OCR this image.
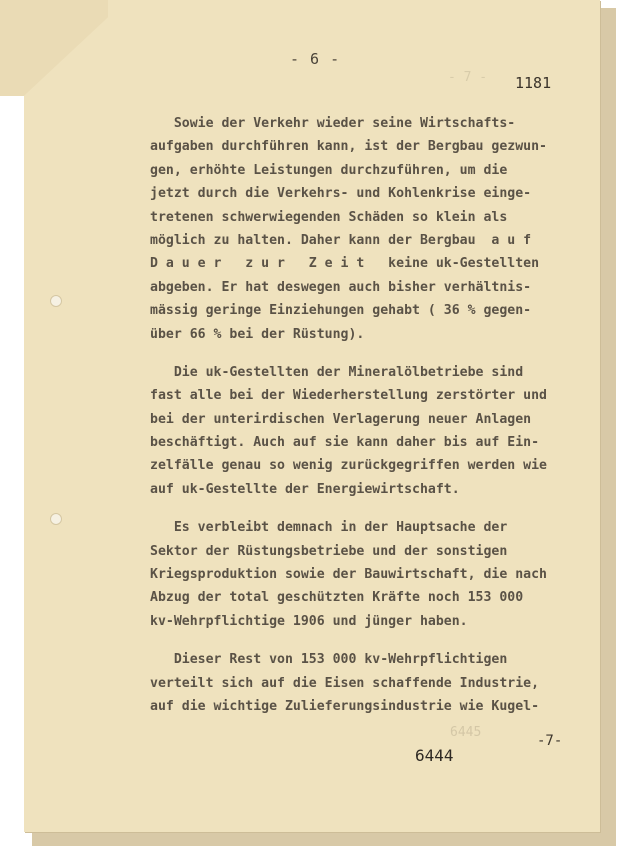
- 6 -
- 7 - 1181
Sowie der Verkehr wieder seine Wirtschafts-
aufgaben durchführen kann, ist der Bergbau gezwun-
gen, erhöhte Leistungen durchzuführen, um die
jetzt durch die Verkehrs- und Kohlenkrise einge-
tretenen schwerwiegenden Schäden so klein als
möglich zu halten. Daher kann der Bergbau  a u f
D a u e r   z u r   Z e i t   keine uk-Gestellten
abgeben. Er hat deswegen auch bisher verhältnis-
mässig geringe Einziehungen gehabt ( 36 % gegen-
über 66 % bei der Rüstung).
Die uk-Gestellten der Mineralölbetriebe sind
fast alle bei der Wiederherstellung zerstörter und
bei der unterirdischen Verlagerung neuer Anlagen
beschäftigt. Auch auf sie kann daher bis auf Ein-
zelfälle genau so wenig zurückgegriffen werden wie
auf uk-Gestellte der Energiewirtschaft.
Es verbleibt demnach in der Hauptsache der
Sektor der Rüstungsbetriebe und der sonstigen
Kriegsproduktion sowie der Bauwirtschaft, die nach
Abzug der total geschützten Kräfte noch 153 000
kv-Wehrpflichtige 1906 und jünger haben.
Dieser Rest von 153 000 kv-Wehrpflichtigen
verteilt sich auf die Eisen schaffende Industrie,
auf die wichtige Zulieferungsindustrie wie Kugel-
6445
-7-
6444
